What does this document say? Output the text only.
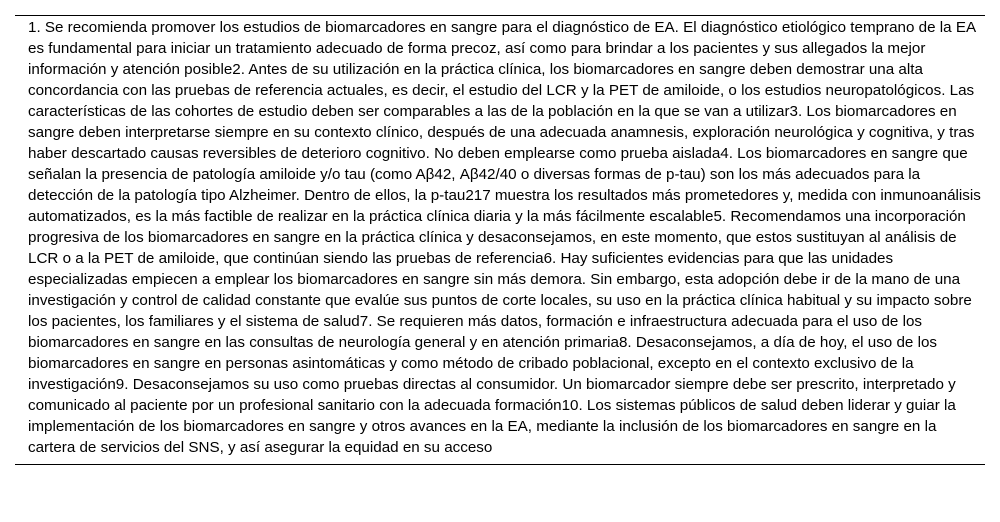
1. Se recomienda promover los estudios de biomarcadores en sangre para el diagnóstico de EA. El diagnóstico etiológico temprano de la EA es fundamental para iniciar un tratamiento adecuado de forma precoz, así como para brindar a los pacientes y sus allegados la mejor información y atención posible2. Antes de su utilización en la práctica clínica, los biomarcadores en sangre deben demostrar una alta concordancia con las pruebas de referencia actuales, es decir, el estudio del LCR y la PET de amiloide, o los estudios neuropatológicos. Las características de las cohortes de estudio deben ser comparables a las de la población en la que se van a utilizar3. Los biomarcadores en sangre deben interpretarse siempre en su contexto clínico, después de una adecuada anamnesis, exploración neurológica y cognitiva, y tras haber descartado causas reversibles de deterioro cognitivo. No deben emplearse como prueba aislada4. Los biomarcadores en sangre que señalan la presencia de patología amiloide y/o tau (como Aβ42, Aβ42/40 o diversas formas de p-tau) son los más adecuados para la detección de la patología tipo Alzheimer. Dentro de ellos, la p-tau217 muestra los resultados más prometedores y, medida con inmunoanálisis automatizados, es la más factible de realizar en la práctica clínica diaria y la más fácilmente escalable5. Recomendamos una incorporación progresiva de los biomarcadores en sangre en la práctica clínica y desaconsejamos, en este momento, que estos sustituyan al análisis de LCR o a la PET de amiloide, que continúan siendo las pruebas de referencia6. Hay suficientes evidencias para que las unidades especializadas empiecen a emplear los biomarcadores en sangre sin más demora. Sin embargo, esta adopción debe ir de la mano de una investigación y control de calidad constante que evalúe sus puntos de corte locales, su uso en la práctica clínica habitual y su impacto sobre los pacientes, los familiares y el sistema de salud7. Se requieren más datos, formación e infraestructura adecuada para el uso de los biomarcadores en sangre en las consultas de neurología general y en atención primaria8. Desaconsejamos, a día de hoy, el uso de los biomarcadores en sangre en personas asintomáticas y como método de cribado poblacional, excepto en el contexto exclusivo de la investigación9. Desaconsejamos su uso como pruebas directas al consumidor. Un biomarcador siempre debe ser prescrito, interpretado y comunicado al paciente por un profesional sanitario con la adecuada formación10. Los sistemas públicos de salud deben liderar y guiar la implementación de los biomarcadores en sangre y otros avances en la EA, mediante la inclusión de los biomarcadores en sangre en la cartera de servicios del SNS, y así asegurar la equidad en su acceso
